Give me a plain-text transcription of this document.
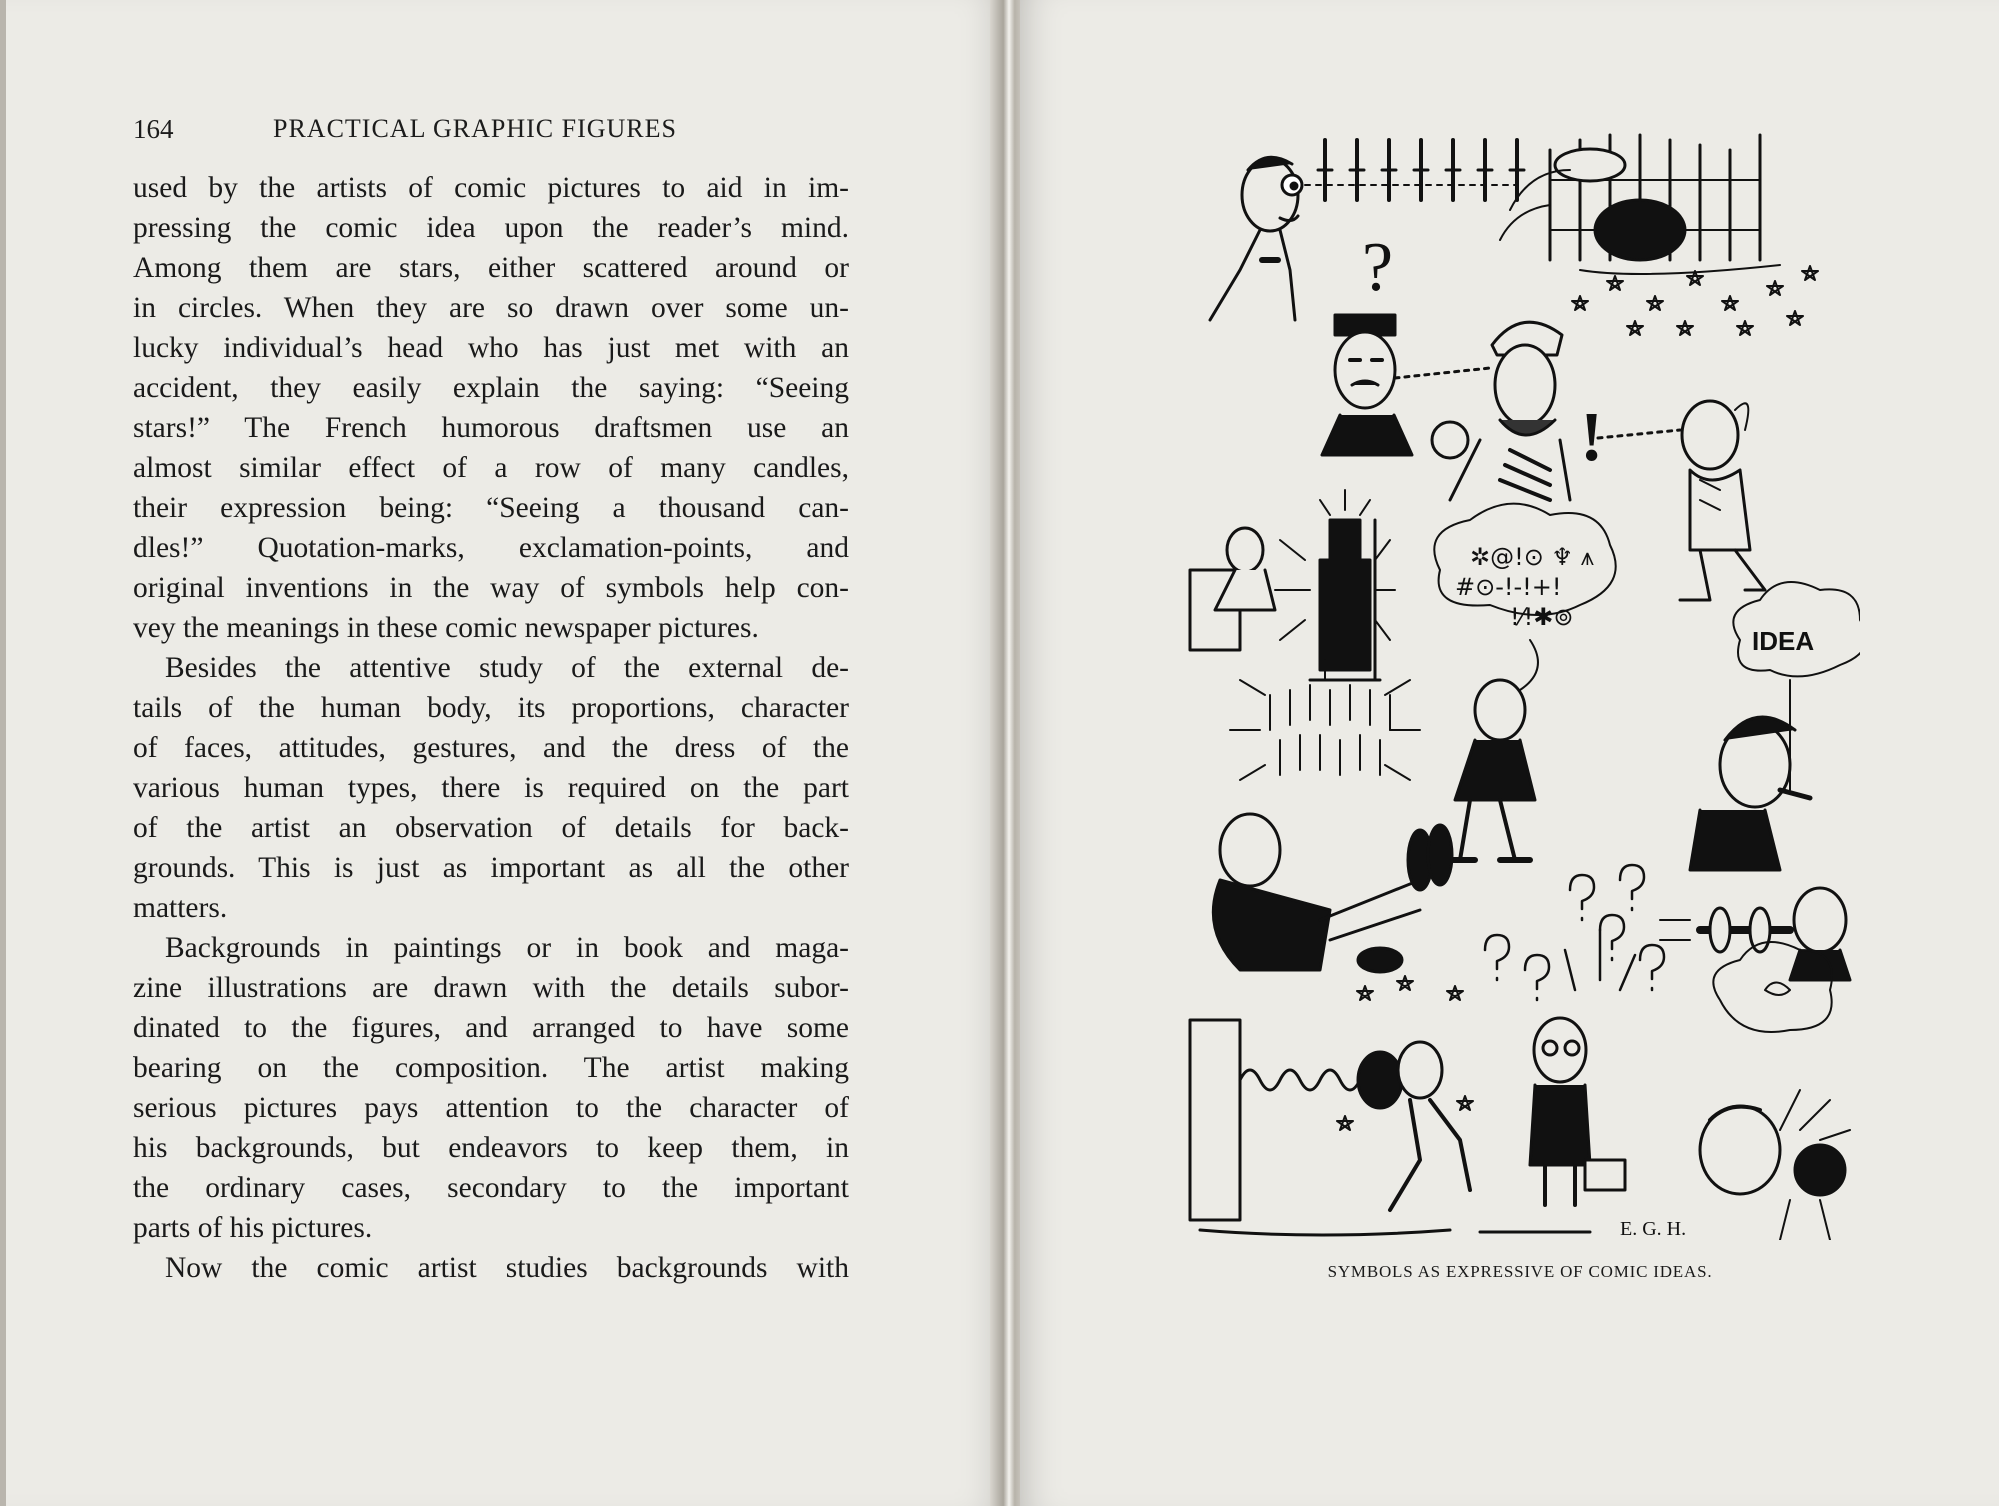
164	PRACTICAL GRAPHIC FIGURES
used by the artists of comic pictures to aid in im-
pressing the comic idea upon the reader’s mind.
Among them are stars, either scattered around or
in circles. When they are so drawn over some un-
lucky individual’s head who has just met with an
accident, they easily explain the saying: “Seeing
stars!” The French humorous draftsmen use an
almost similar effect of a row of many candles,
their expression being: “Seeing a thousand can-
dles!” Quotation-marks, exclamation-points, and
original inventions in the way of symbols help con-
vey the meanings in these comic newspaper pictures.
Besides the attentive study of the external de-
tails of the human body, its proportions, character
of faces, attitudes, gestures, and the dress of the
various human types, there is required on the part
of the artist an observation of details for back-
grounds. This is just as important as all the other
matters.
Backgrounds in paintings or in book and maga-
zine illustrations are drawn with the details subor-
dinated to the figures, and arranged to have some
bearing on the composition. The artist making
serious pictures pays attention to the character of
his backgrounds, but endeavors to keep them, in
the ordinary cases, secondary to the important
parts of his pictures.
Now the comic artist studies backgrounds with
?
!
✲@!⊙ ♆ ⩚
#⊙-!-!+!
!⁄!✱⊚
IDEA
E. G. H.
SYMBOLS AS EXPRESSIVE OF COMIC IDEAS.
